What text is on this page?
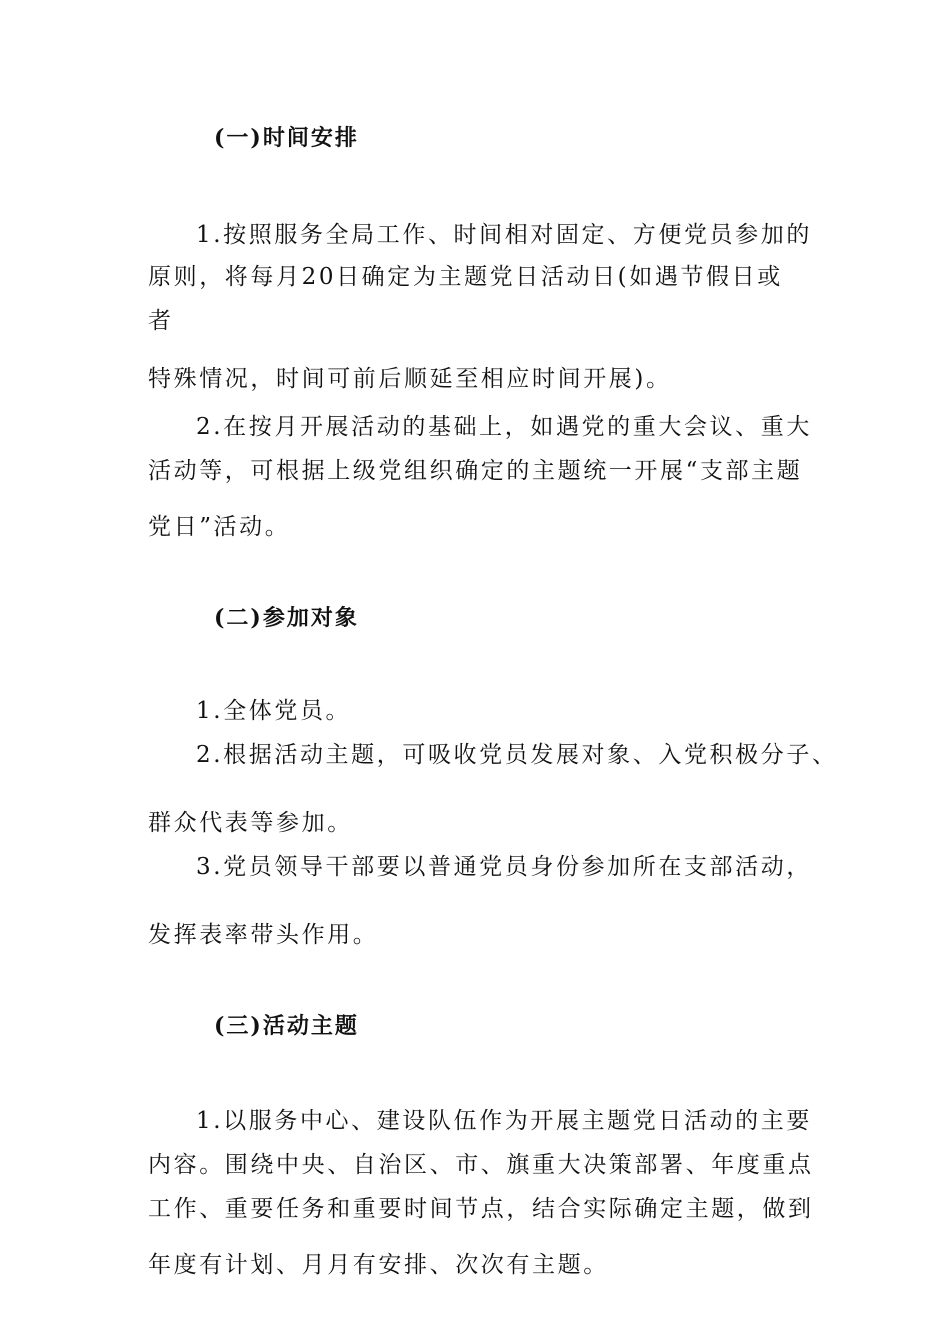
(一)时间安排
1.按照服务全局工作、时间相对固定、方便党员参加的
原则，将每月20日确定为主题党日活动日(如遇节假日或
者
特殊情况，时间可前后顺延至相应时间开展)。
2.在按月开展活动的基础上，如遇党的重大会议、重大
活动等，可根据上级党组织确定的主题统一开展“支部主题
党日”活动。
(二)参加对象
1.全体党员。
2.根据活动主题，可吸收党员发展对象、入党积极分子、
群众代表等参加。
3.党员领导干部要以普通党员身份参加所在支部活动，
发挥表率带头作用。
(三)活动主题
1.以服务中心、建设队伍作为开展主题党日活动的主要
内容。围绕中央、自治区、市、旗重大决策部署、年度重点
工作、重要任务和重要时间节点，结合实际确定主题，做到
年度有计划、月月有安排、次次有主题。
